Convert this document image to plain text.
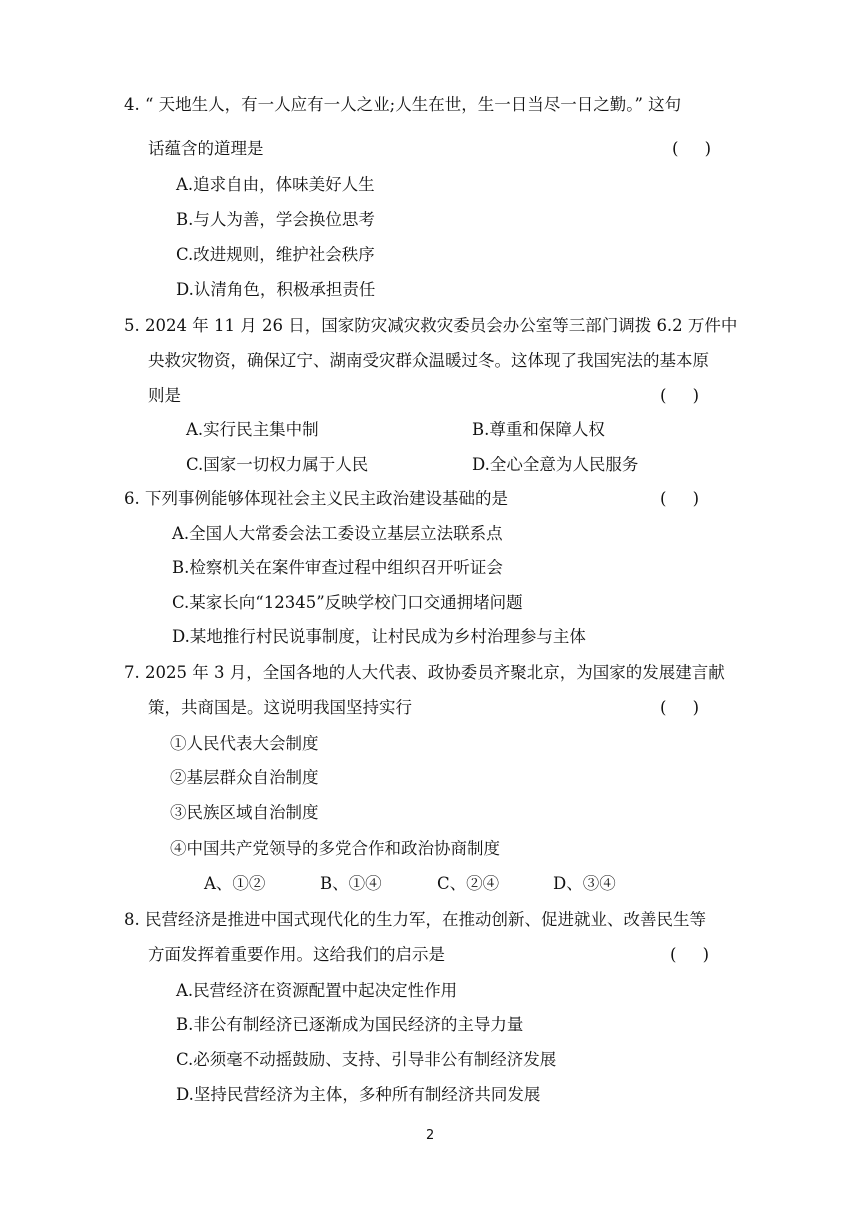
4. “ 天地生人，有一人应有一人之业;人生在世，生一日当尽一日之勤。” 这句
话蕴含的道理是	(     )
A.追求自由，体味美好人生
B.与人为善，学会换位思考
C.改进规则，维护社会秩序
D.认清角色，积极承担责任
5. 2024 年 11 月 26 日，国家防灾减灾救灾委员会办公室等三部门调拨 6.2 万件中
央救灾物资，确保辽宁、湖南受灾群众温暖过冬。这体现了我国宪法的基本原
则是	(     )
A.实行民主集中制	B.尊重和保障人权
C.国家一切权力属于人民	D.全心全意为人民服务
6. 下列事例能够体现社会主义民主政治建设基础的是	(     )
A.全国人大常委会法工委设立基层立法联系点
B.检察机关在案件审查过程中组织召开听证会
C.某家长向“12345”反映学校门口交通拥堵问题
D.某地推行村民说事制度，让村民成为乡村治理参与主体
7. 2025 年 3 月，全国各地的人大代表、政协委员齐聚北京，为国家的发展建言献
策，共商国是。这说明我国坚持实行	(     )
①人民代表大会制度
②基层群众自治制度
③民族区域自治制度
④中国共产党领导的多党合作和政治协商制度
A、①②	B、①④	C、②④	D、③④
8. 民营经济是推进中国式现代化的生力军，在推动创新、促进就业、改善民生等
方面发挥着重要作用。这给我们的启示是	(     )
A.民营经济在资源配置中起决定性作用
B.非公有制经济已逐渐成为国民经济的主导力量
C.必须毫不动摇鼓励、支持、引导非公有制经济发展
D.坚持民营经济为主体，多种所有制经济共同发展
2
